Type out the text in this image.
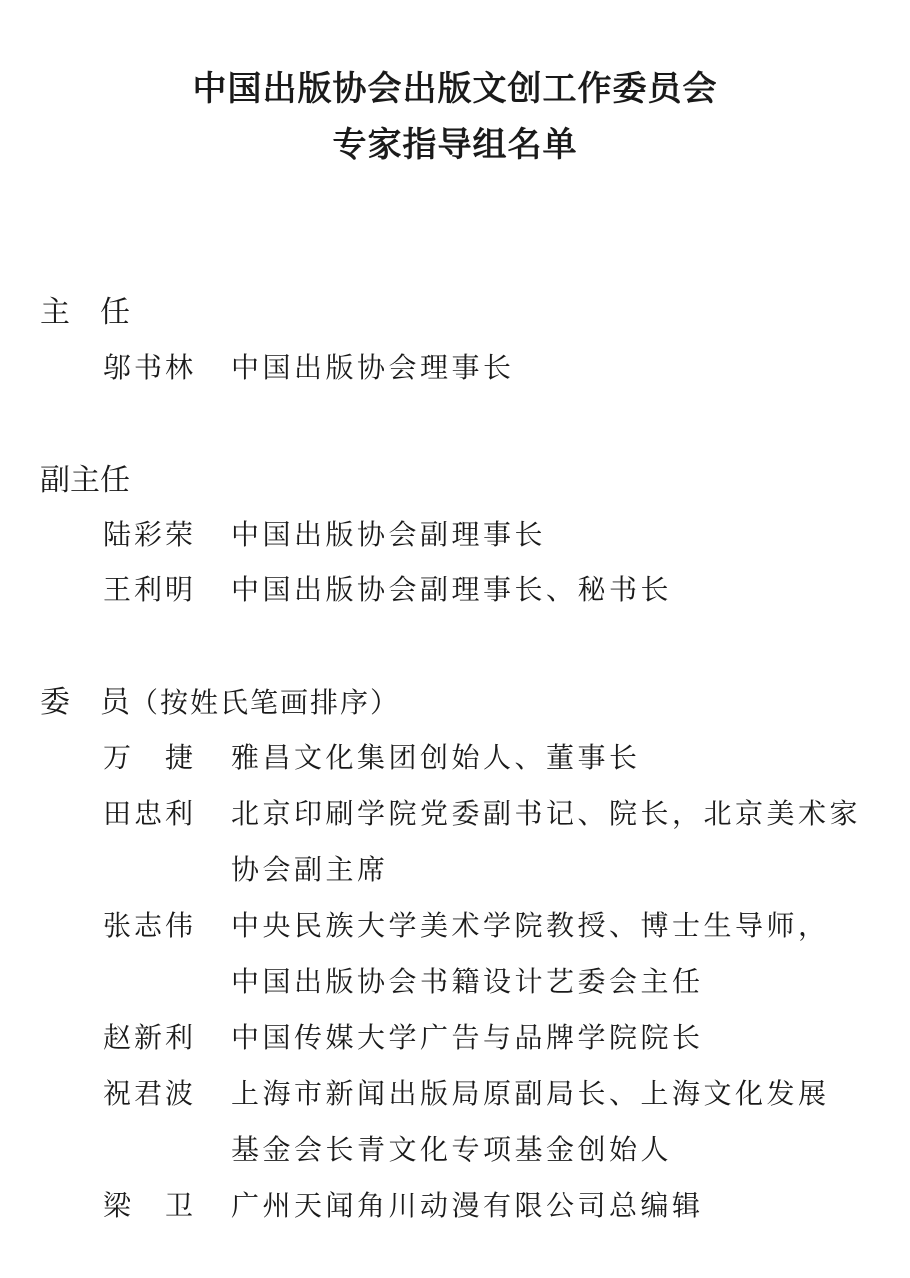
中国出版协会出版文创工作委员会
专家指导组名单
主 任
邬书林 中国出版协会理事长
副主任
陆彩荣 中国出版协会副理事长
王利明 中国出版协会副理事长、秘书长
委 员（按姓氏笔画排序）
万 捷	雅昌文化集团创始人、董事长
田忠利 北京印刷学院党委副书记、院长，北京美术家
协会副主席
张志伟 中央民族大学美术学院教授、博士生导师，
中国出版协会书籍设计艺委会主任
赵新利 中国传媒大学广告与品牌学院院长
祝君波 上海市新闻出版局原副局长、上海文化发展
基金会长青文化专项基金创始人
梁 卫	广州天闻角川动漫有限公司总编辑
